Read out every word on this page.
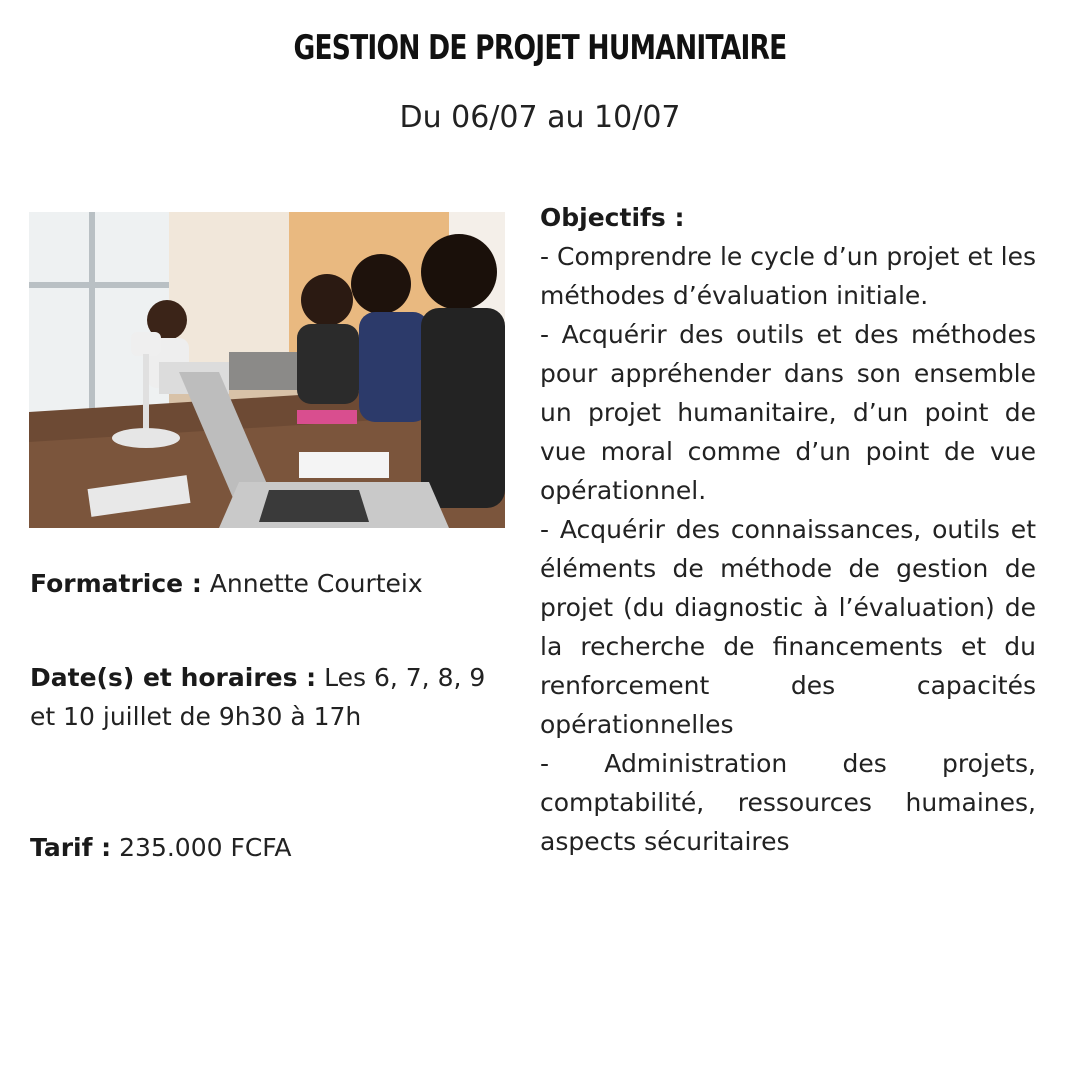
GESTION DE PROJET HUMANITAIRE
Du 06/07 au 10/07
Formatrice : Annette Courteix
Date(s) et horaires : Les 6, 7, 8, 9 et 10 juillet de 9h30 à 17h
Tarif : 235.000 FCFA
Objectifs :
- Comprendre le cycle d’un projet et les méthodes d’évaluation initiale.
- Acquérir des outils et des méthodes pour appréhender dans son ensemble un projet humanitaire, d’un point de vue moral comme d’un point de vue opérationnel.
- Acquérir des connaissances, outils et éléments de méthode de gestion de projet (du diagnostic à l’évaluation) de la recherche de financements et du renforcement des capacités opérationnelles
- Administration des projets, comptabilité, ressources humaines, aspects sécuritaires
